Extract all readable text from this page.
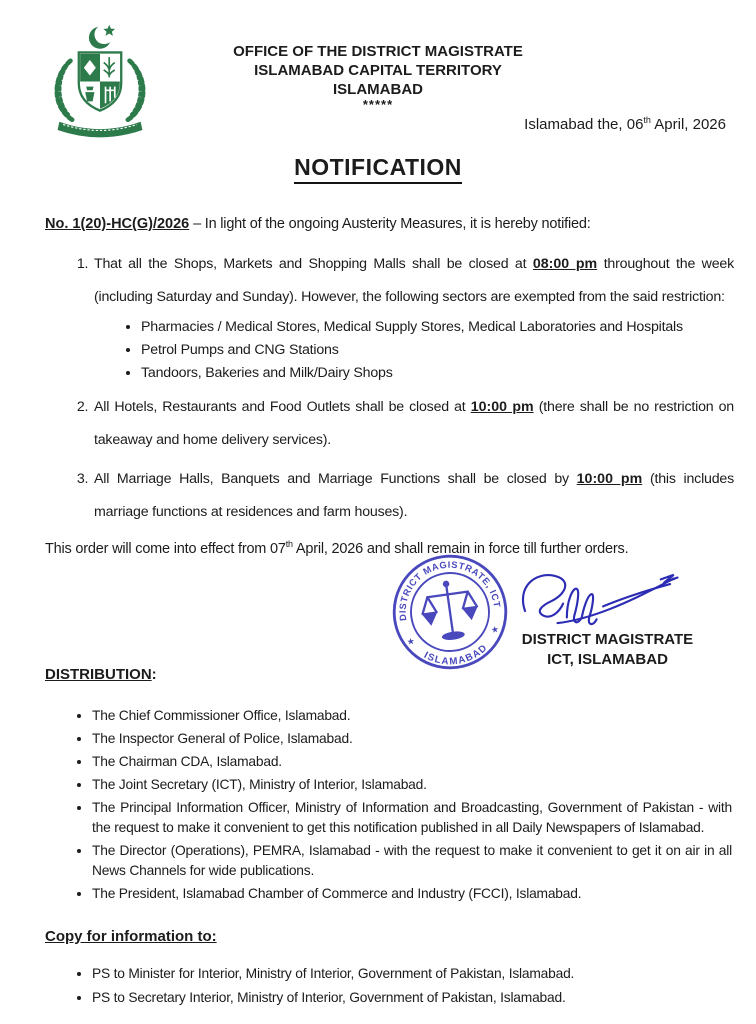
OFFICE OF THE DISTRICT MAGISTRATE
ISLAMABAD CAPITAL TERRITORY
ISLAMABAD
*****
Islamabad the, 06th April, 2026
NOTIFICATION

No. 1(20)-HC(G)/2026 – In light of the ongoing Austerity Measures, it is hereby notified:

1. That all the Shops, Markets and Shopping Malls shall be closed at 08:00 pm throughout the week (including Saturday and Sunday). However, the following sectors are exempted from the said restriction:
• Pharmacies / Medical Stores, Medical Supply Stores, Medical Laboratories and Hospitals
• Petrol Pumps and CNG Stations
• Tandoors, Bakeries and Milk/Dairy Shops
2. All Hotels, Restaurants and Food Outlets shall be closed at 10:00 pm (there shall be no restriction on takeaway and home delivery services).
3. All Marriage Halls, Banquets and Marriage Functions shall be closed by 10:00 pm (this includes marriage functions at residences and farm houses).

This order will come into effect from 07th April, 2026 and shall remain in force till further orders.

DISTRICT MAGISTRATE, ICT
ISLAMABAD
★
★
DISTRICT MAGISTRATE
ICT, ISLAMABAD
DISTRIBUTION:
• The Chief Commissioner Office, Islamabad.
• The Inspector General of Police, Islamabad.
• The Chairman CDA, Islamabad.
• The Joint Secretary (ICT), Ministry of Interior, Islamabad.
• The Principal Information Officer, Ministry of Information and Broadcasting, Government of Pakistan - with the request to make it convenient to get this notification published in all Daily Newspapers of Islamabad.
• The Director (Operations), PEMRA, Islamabad - with the request to make it convenient to get it on air in all News Channels for wide publications.
• The President, Islamabad Chamber of Commerce and Industry (FCCI), Islamabad.
Copy for information to:
• PS to Minister for Interior, Ministry of Interior, Government of Pakistan, Islamabad.
• PS to Secretary Interior, Ministry of Interior, Government of Pakistan, Islamabad.
